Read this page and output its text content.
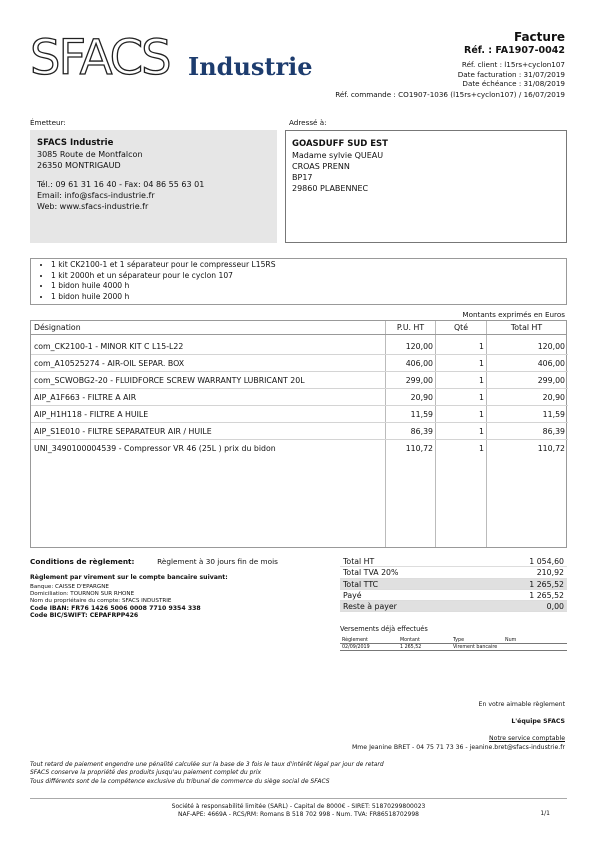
SFACS Industrie
Facture
Réf. : FA1907-0042
Réf. client : l15rs+cyclon107
Date facturation : 31/07/2019
Date échéance : 31/08/2019
Réf. commande : CO1907-1036 (l15rs+cyclon107) / 16/07/2019
Émetteur:	Adressé à:
SFACS Industrie
3085 Route de Montfalcon
26350 MONTRIGAUD
Tél.: 09 61 31 16 40 - Fax: 04 86 55 63 01
Email: info@sfacs-industrie.fr
Web: www.sfacs-industrie.fr
GOASDUFF SUD EST
Madame sylvie QUEAU
CROAS PRENN
BP17
29860 PLABENNEC
• 1 kit CK2100-1 et 1 séparateur pour le compresseur L15RS
• 1 kit 2000h et un séparateur pour le cyclon 107
• 1 bidon huile 4000 h
• 1 bidon huile 2000 h
Montants exprimés en Euros
Désignation	P.U. HT	Qté	Total HT
com_CK2100-1 - MINOR KIT C L15-L22	120,00	1	120,00
com_A10525274 - AIR-OIL SEPAR. BOX	406,00	1	406,00
com_SCWOBG2-20 - FLUIDFORCE SCREW WARRANTY LUBRICANT 20L	299,00	1	299,00
AIP_A1F663 - FILTRE A AIR	20,90	1	20,90
AIP_H1H118 - FILTRE A HUILE	11,59	1	11,59
AIP_S1E010 - FILTRE SEPARATEUR AIR / HUILE	86,39	1	86,39
UNI_3490100004539 - Compressor VR 46 (25L ) prix du bidon	110,72	1	110,72
Conditions de règlement:	Règlement à 30 jours fin de mois
Règlement par virement sur le compte bancaire suivant:
Banque: CAISSE D'EPARGNE
Domiciliation: TOURNON SUR RHONE
Nom du propriétaire du compte: SFACS INDUSTRIE
Code IBAN: FR76 1426 5006 0008 7710 9354 338
Code BIC/SWIFT: CEPAFRPP426
Total HT	1 054,60
Total TVA 20%	210,92
Total TTC	1 265,52
Payé	1 265,52
Reste à payer	0,00
Versements déjà effectués
Règlement	Montant	Type	Num
02/09/2019	1 265,52	Virement bancaire
En votre aimable règlement
L'équipe SFACS
Notre service comptable
Mme Jeanine BRET - 04 75 71 73 36 - jeanine.bret@sfacs-industrie.fr
Tout retard de paiement engendre une pénalité calculée sur la base de 3 fois le taux d'intérêt légal par jour de retard
SFACS conserve la propriété des produits jusqu'au paiement complet du prix
Tous différents sont de la compétence exclusive du tribunal de commerce du siège social de SFACS
Société à responsabilité limitée (SARL) - Capital de 8000€ - SIRET: 51870299800023
NAF-APE: 4669A - RCS/RM: Romans B 518 702 998 - Num. TVA: FR86518702998	1/1
